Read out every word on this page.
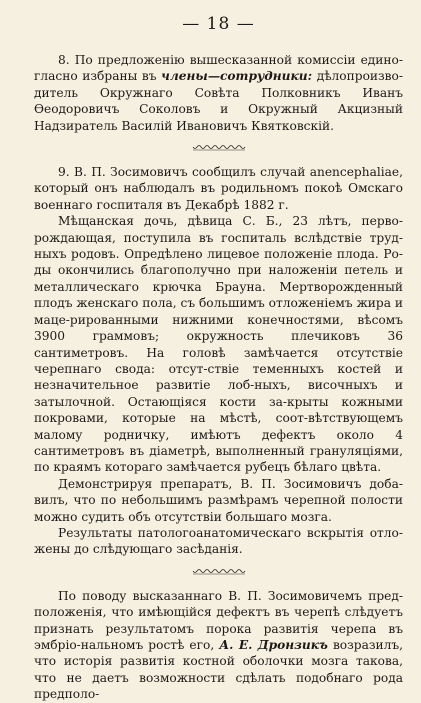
— 18 —

8. По предложенію вышесказанной комиссіи едино-гласно избраны въ члены—сотрудники: дѣлопроизво-дитель Окружнаго Совѣта Полковникъ Иванъ Ѳеодоровичъ Соколовъ и Окружный Акцизный Надзиратель Василій Ивановичъ Квятковскій.

9. В. П. Зосимовичъ сообщилъ случай anencephaliae, который онъ наблюдалъ въ родильномъ покоѣ Омскаго военнаго госпиталя въ Декабрѣ 1882 г.

Мѣщанская дочь, дѣвица С. Б., 23 лѣтъ, перво-рождающая, поступила въ госпиталь вслѣдствіе труд-ныхъ родовъ. Опредѣлено лицевое положеніе плода. Ро-ды окончились благополучно при наложеніи петель и металлическаго крючка Брауна. Мертворожденный плодъ женскаго пола, съ большимъ отложеніемъ жира и маце-рированными нижними конечностями, вѣсомъ 3900 граммовъ; окружность плечиковъ 36 сантиметровъ. На головѣ замѣчается отсутствіе черепнаго свода: отсут-ствіе теменныхъ костей и незначительное развитіе лоб-ныхъ, височныхъ и затылочной. Остающіяся кости за-крыты кожными покровами, которые на мѣстѣ, соот-вѣтствующемъ малому родничку, имѣютъ дефектъ около 4 сантиметровъ въ діаметрѣ, выполненный грануляціями, по краямъ котораго замѣчается рубецъ бѣлаго цвѣта.

Демонстрируя препаратъ, В. П. Зосимовичъ доба-вилъ, что по небольшимъ размѣрамъ черепной полости можно судить объ отсутствіи большаго мозга.

Результаты патологоанатомическаго вскрытія отло-жены до слѣдующаго засѣданія.

По поводу высказаннаго В. П. Зосимовичемъ пред-положенія, что имѣющійся дефектъ въ черепѣ слѣдуетъ признать результатомъ порока развитія черепа въ эмбріо-нальномъ ростѣ его, А. Е. Дронзикъ возразилъ, что исторія развитія костной оболочки мозга такова, что не даетъ возможности сдѣлать подобнаго рода предполо-
